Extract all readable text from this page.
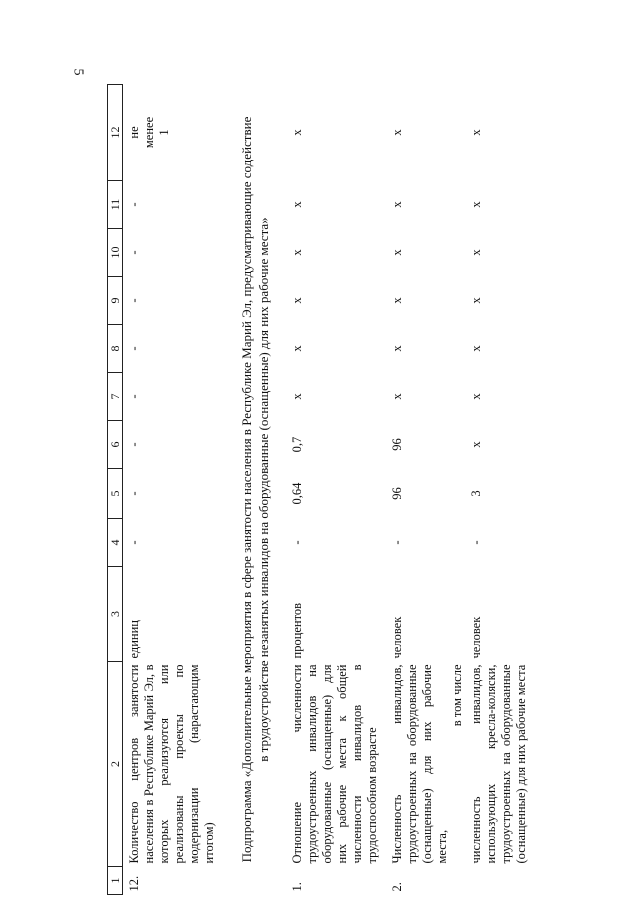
5
1	2	3	4	5	6	7	8	9	10	11	12
12.	Количество центров занятости населения в Республике Марий Эл, в которых реализуются или реализованы проекты по модернизации (нарастающим итогом)	единиц	-	-	-	-	-	-	-	-	не менее 1

Подпрограмма «Дополнительные мероприятия в сфере занятости населения в Республике Марий Эл, предусматривающие содействие в трудоустройстве незанятых инвалидов на оборудованные (оснащенные) для них рабочие места»											

1.	Отношение численности трудоустроенных инвалидов на оборудованные (оснащенные) для них рабочие места к общей численности инвалидов в трудоспособном возрасте	процентов	-	0,64	0,7	x	x	x	x	x	x
2.	Численность инвалидов, трудоустроенных на оборудованные (оснащенные) для них рабочие места,
в том числе	человек	-	96	96	x	x	x	x	x	x
	численность инвалидов, использующих кресла-коляски, трудоустроенных на оборудованные (оснащенные) для них рабочие места	человек	-	3	x	x	x	x	x	x	x
